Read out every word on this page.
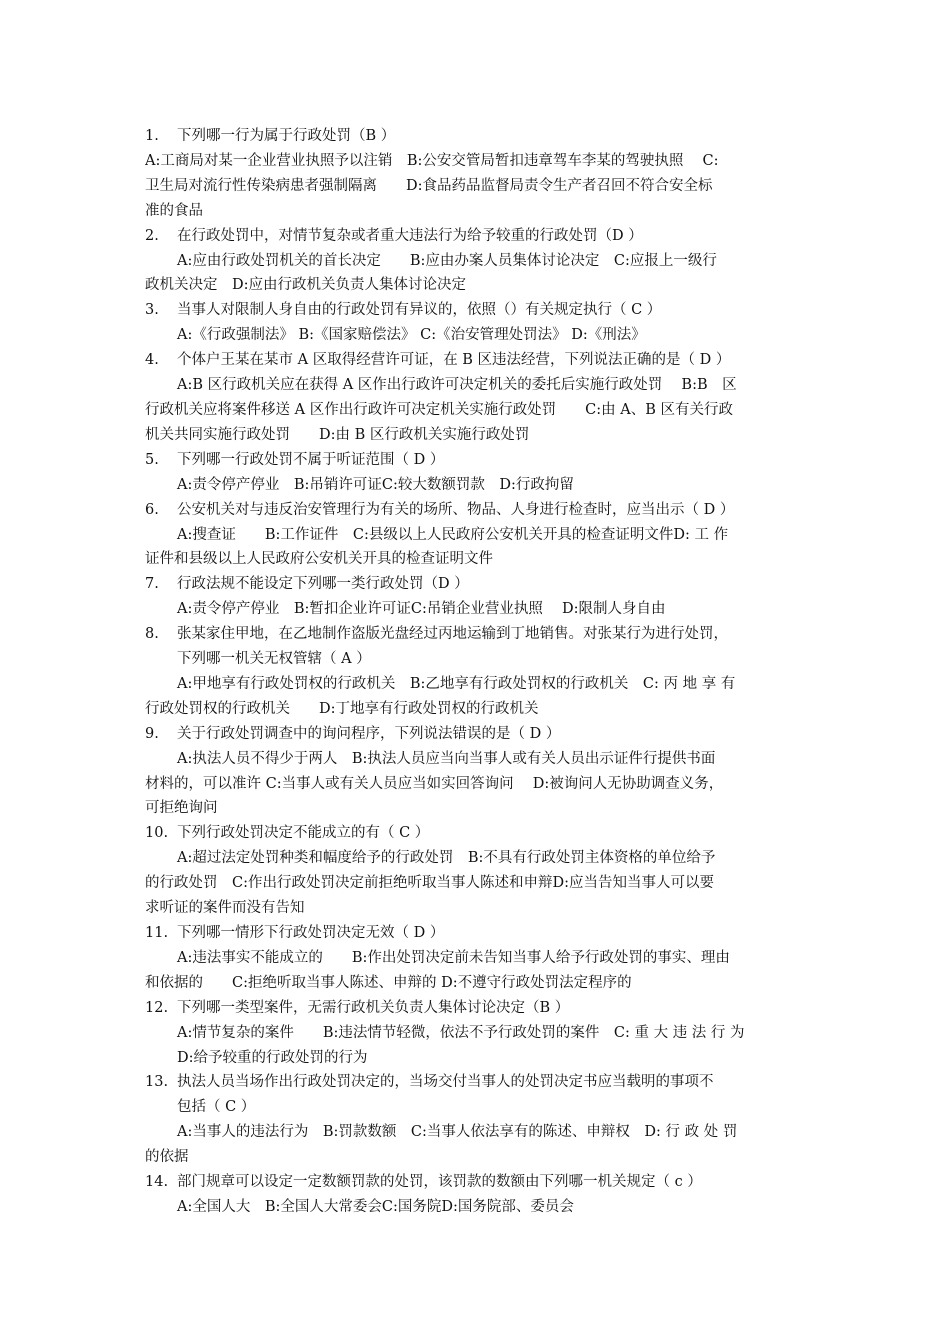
1.	下列哪一行为属于行政处罚（B ）
A:工商局对某一企业营业执照予以注销　B:公安交管局暂扣违章驾车李某的驾驶执照　 C:
卫生局对流行性传染病患者强制隔离　　D:食品药品监督局责令生产者召回不符合安全标
准的食品
2.	在行政处罚中，对情节复杂或者重大违法行为给予较重的行政处罚（D ）
A:应由行政处罚机关的首长决定　　B:应由办案人员集体讨论决定　C:应报上一级行
政机关决定　D:应由行政机关负责人集体讨论决定
3.	当事人对限制人身自由的行政处罚有异议的，依照（）有关规定执行（ C ）
A:《行政强制法》 B:《国家赔偿法》 C:《治安管理处罚法》 D:《刑法》
4.	个体户王某在某市 A 区取得经营许可证，在 B 区违法经营，下列说法正确的是（ D ）
A:B 区行政机关应在获得 A 区作出行政许可决定机关的委托后实施行政处罚　 B:B　区
行政机关应将案件移送 A 区作出行政许可决定机关实施行政处罚　　C:由 A、B 区有关行政
机关共同实施行政处罚　　D:由 B 区行政机关实施行政处罚
5.	下列哪一行政处罚不属于听证范围（ D ）
A:责令停产停业　B:吊销许可证C:较大数额罚款　D:行政拘留
6.	公安机关对与违反治安管理行为有关的场所、物品、人身进行检查时，应当出示（ D ）
A:搜查证　　B:工作证件　C:县级以上人民政府公安机关开具的检查证明文件D: 工 作
证件和县级以上人民政府公安机关开具的检查证明文件
7.	行政法规不能设定下列哪一类行政处罚（D ）
A:责令停产停业　B:暂扣企业许可证C:吊销企业营业执照　 D:限制人身自由
8.	张某家住甲地，在乙地制作盗版光盘经过丙地运输到丁地销售。对张某行为进行处罚，
下列哪一机关无权管辖（ A ）
A:甲地享有行政处罚权的行政机关　B:乙地享有行政处罚权的行政机关　C: 丙 地 享 有
行政处罚权的行政机关　　D:丁地享有行政处罚权的行政机关
9.	关于行政处罚调查中的询问程序，下列说法错误的是（ D ）
A:执法人员不得少于两人　B:执法人员应当向当事人或有关人员出示证件行提供书面
材料的，可以准许 C:当事人或有关人员应当如实回答询问　 D:被询问人无协助调查义务，
可拒绝询问
10. 下列行政处罚决定不能成立的有（ C ）
A:超过法定处罚种类和幅度给予的行政处罚　B:不具有行政处罚主体资格的单位给予
的行政处罚　C:作出行政处罚决定前拒绝听取当事人陈述和申辩D:应当告知当事人可以要
求听证的案件而没有告知
11. 下列哪一情形下行政处罚决定无效（ D ）
A:违法事实不能成立的　　B:作出处罚决定前未告知当事人给予行政处罚的事实、理由
和依据的　　C:拒绝听取当事人陈述、申辩的 D:不遵守行政处罚法定程序的
12. 下列哪一类型案件，无需行政机关负责人集体讨论决定（B ）
A:情节复杂的案件　　B:违法情节轻微，依法不予行政处罚的案件　C: 重 大 违 法 行 为
D:给予较重的行政处罚的行为
13. 执法人员当场作出行政处罚决定的，当场交付当事人的处罚决定书应当载明的事项不
包括（ C ）
A:当事人的违法行为　B:罚款数额　C:当事人依法享有的陈述、申辩权　D: 行 政 处 罚
的依据
14. 部门规章可以设定一定数额罚款的处罚，该罚款的数额由下列哪一机关规定（ c ）
A:全国人大　B:全国人大常委会C:国务院D:国务院部、委员会
